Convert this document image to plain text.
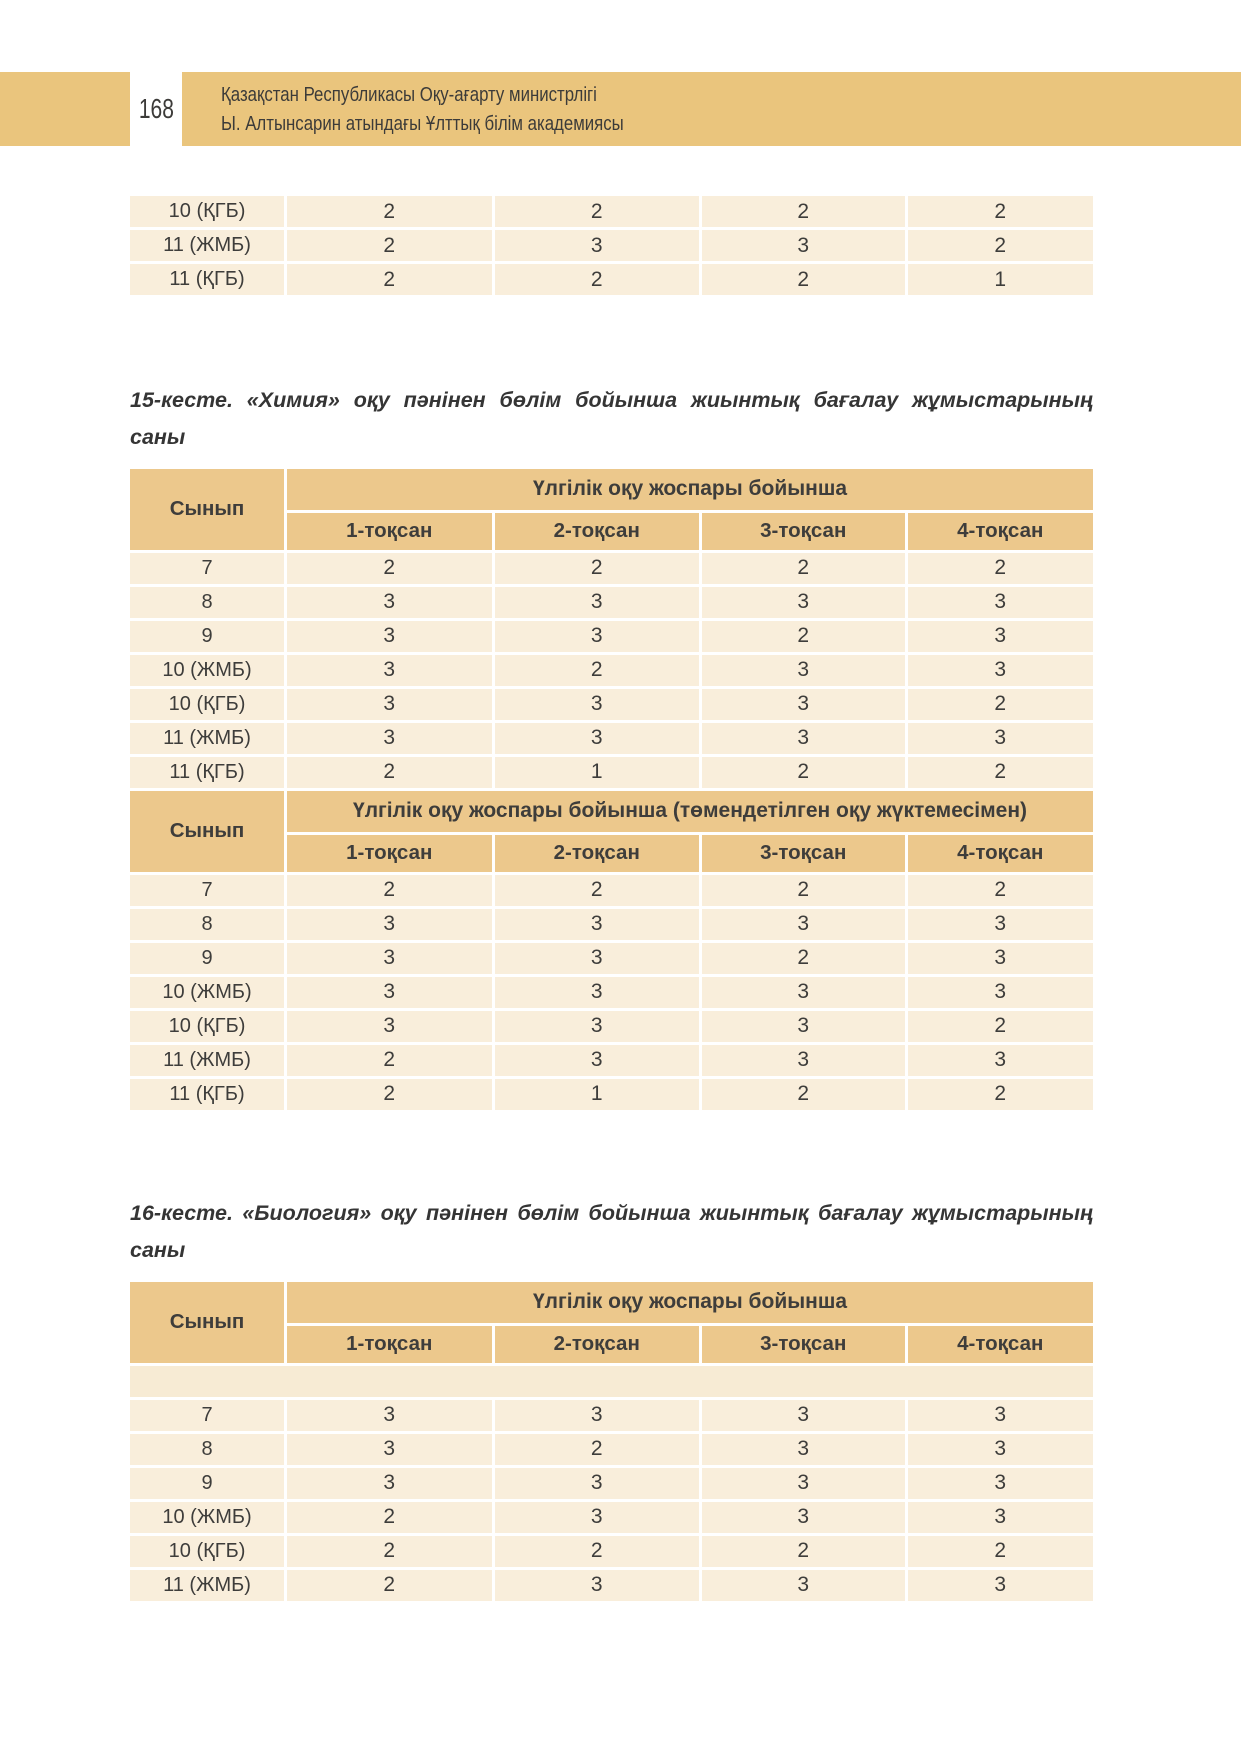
168 Қазақстан Республикасы Оқу-ағарту министрлігі
Ы. Алтынсарин атындағы Ұлттық білім академиясы
10 (ҚГБ)	2	2	2	2
11 (ЖМБ)	2	3	3	2
11 (ҚГБ)	2	2	2	1
15-кесте. «Химия» оқу пәнінен бөлім бойынша жиынтық бағалау жұмыстарының
саны
Сынып	Үлгілік оқу жоспары бойынша			
	1-тоқсан	2-тоқсан	3-тоқсан	4-тоқсан
7	2	2	2	2
8	3	3	3	3
9	3	3	2	3
10 (ЖМБ)	3	2	3	3
10 (ҚГБ)	3	3	3	2
11 (ЖМБ)	3	3	3	3
11 (ҚГБ)	2	1	2	2
Сынып	Үлгілік оқу жоспары бойынша (төмендетілген оқу жүктемесімен)			
	1-тоқсан	2-тоқсан	3-тоқсан	4-тоқсан
7	2	2	2	2
8	3	3	3	3
9	3	3	2	3
10 (ЖМБ)	3	3	3	3
10 (ҚГБ)	3	3	3	2
11 (ЖМБ)	2	3	3	3
11 (ҚГБ)	2	1	2	2
16-кесте. «Биология» оқу пәнінен бөлім бойынша жиынтық бағалау жұмыстарының
саны
Сынып	Үлгілік оқу жоспары бойынша			
	1-тоқсан	2-тоқсан	3-тоқсан	4-тоқсан

7	3	3	3	3
8	3	2	3	3
9	3	3	3	3
10 (ЖМБ)	2	3	3	3
10 (ҚГБ)	2	2	2	2
11 (ЖМБ)	2	3	3	3
